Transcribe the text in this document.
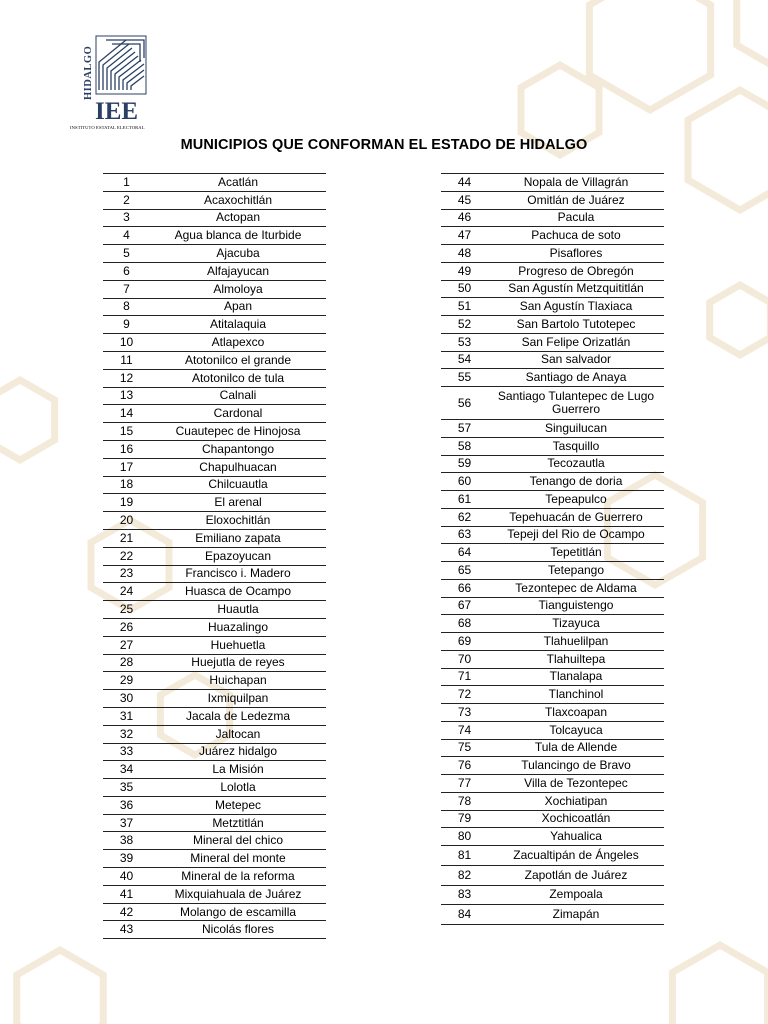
HIDALGO
IEE
INSTITUTO ESTATAL ELECTORAL
MUNICIPIOS QUE CONFORMAN EL ESTADO DE HIDALGO
1	Acatlán
2	Acaxochitlán
3	Actopan
4	Agua blanca de Iturbide
5	Ajacuba
6	Alfajayucan
7	Almoloya
8	Apan
9	Atitalaquia
10	Atlapexco
11	Atotonilco el grande
12	Atotonilco de tula
13	Calnali
14	Cardonal
15	Cuautepec de Hinojosa
16	Chapantongo
17	Chapulhuacan
18	Chilcuautla
19	El arenal
20	Eloxochitlán
21	Emiliano zapata
22	Epazoyucan
23	Francisco i. Madero
24	Huasca de Ocampo
25	Huautla
26	Huazalingo
27	Huehuetla
28	Huejutla de reyes
29	Huichapan
30	Ixmiquilpan
31	Jacala de Ledezma
32	Jaltocan
33	Juárez hidalgo
34	La Misión
35	Lolotla
36	Metepec
37	Metztitlán
38	Mineral del chico
39	Mineral del monte
40	Mineral de la reforma
41	Mixquiahuala de Juárez
42	Molango de escamilla
43	Nicolás flores
44	Nopala de Villagrán
45	Omitlán de Juárez
46	Pacula
47	Pachuca de soto
48	Pisaflores
49	Progreso de Obregón
50	San Agustín Metzquititlán
51	San Agustín Tlaxiaca
52	San Bartolo Tutotepec
53	San Felipe Orizatlán
54	San salvador
55	Santiago de Anaya
56	Santiago Tulantepec de Lugo Guerrero
57	Singuilucan
58	Tasquillo
59	Tecozautla
60	Tenango de doria
61	Tepeapulco
62	Tepehuacán de Guerrero
63	Tepeji del Rio de Ocampo
64	Tepetitlán
65	Tetepango
66	Tezontepec de Aldama
67	Tianguistengo
68	Tizayuca
69	Tlahuelilpan
70	Tlahuiltepa
71	Tlanalapa
72	Tlanchinol
73	Tlaxcoapan
74	Tolcayuca
75	Tula de Allende
76	Tulancingo de Bravo
77	Villa de Tezontepec
78	Xochiatipan
79	Xochicoatlán
80	Yahualica
81	Zacualtipán de Ángeles
82	Zapotlán de Juárez
83	Zempoala
84	Zimapán
